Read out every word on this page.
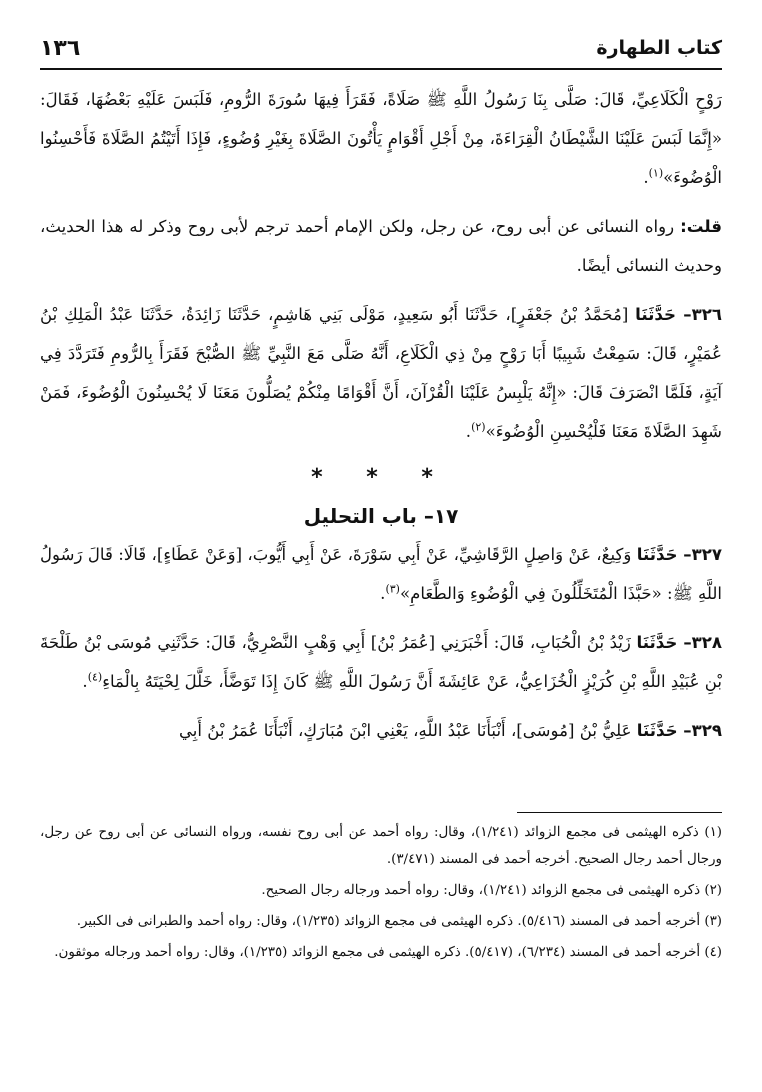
كتاب الطهارة
١٣٦

رَوْحٍ الْكَلَاعِيِّ، قَالَ: صَلَّى بِنَا رَسُولُ اللَّهِ ﷺ صَلَاةً، فَقَرَأَ فِيهَا سُورَةَ الرُّومِ، فَلَبَسَ عَلَيْهِ بَعْضُهَا، فَقَالَ: «إِنَّمَا لَبَسَ عَلَيْنَا الشَّيْطَانُ الْقِرَاءَةَ، مِنْ أَجْلِ أَقْوَامٍ يَأْتُونَ الصَّلَاةَ بِغَيْرِ وُضُوءٍ، فَإِذَا أَتَيْتُمُ الصَّلَاةَ فَأَحْسِنُوا الْوُضُوءَ»$^{(١)}$.

قلت: رواه النسائى عن أبى روح، عن رجل، ولكن الإمام أحمد ترجم لأبى روح وذكر له هذا الحديث، وحديث النسائى أيضًا.

٣٢٦– حَدَّثَنَا [مُحَمَّدُ بْنُ جَعْفَرٍ]، حَدَّثَنَا أَبُو سَعِيدٍ، مَوْلَى بَنِي هَاشِمٍ، حَدَّثَنَا زَائِدَةُ، حَدَّثَنَا عَبْدُ الْمَلِكِ بْنُ عُمَيْرٍ، قَالَ: سَمِعْتُ شَبِيبًا أَبَا رَوْحٍ مِنْ ذِي الْكَلَاعِ، أَنَّهُ صَلَّى مَعَ النَّبِيِّ ﷺ الصُّبْحَ فَقَرَأَ بِالرُّومِ فَتَرَدَّدَ فِي آيَةٍ، فَلَمَّا انْصَرَفَ قَالَ: «إِنَّهُ يَلْبِسُ عَلَيْنَا الْقُرْآنَ، أَنَّ أَقْوَامًا مِنْكُمْ يُصَلُّونَ مَعَنَا لَا يُحْسِنُونَ الْوُضُوءَ، فَمَنْ شَهِدَ الصَّلَاةَ مَعَنَا فَلْيُحْسِنِ الْوُضُوءَ»$^{(٢)}$.

* * *
١٧– باب التحليل

٣٢٧– حَدَّثَنَا وَكِيعٌ، عَنْ وَاصِلٍ الرَّقَاشِيِّ، عَنْ أَبِي سَوْرَةَ، عَنْ أَبِي أَيُّوبَ، [وَعَنْ عَطَاءٍ]، قَالَا: قَالَ رَسُولُ اللَّهِ ﷺ: «حَبَّذَا الْمُتَخَلِّلُونَ فِي الْوُضُوءِ وَالطَّعَامِ»$^{(٣)}$.

٣٢٨– حَدَّثَنَا زَيْدُ بْنُ الْحُبَابِ، قَالَ: أَخْبَرَنِي [عُمَرُ بْنُ] أَبِي وَهْبٍ النَّصْرِيُّ، قَالَ: حَدَّثَنِي مُوسَى بْنُ طَلْحَةَ بْنِ عُبَيْدِ اللَّهِ بْنِ كُرَيْزٍ الْخُزَاعِيُّ، عَنْ عَائِشَةَ أَنَّ رَسُولَ اللَّهِ ﷺ كَانَ إِذَا تَوَضَّأَ، خَلَّلَ لِحْيَتَهُ بِالْمَاءِ$^{(٤)}$.

٣٢٩– حَدَّثَنَا عَلِيُّ بْنُ [مُوسَى]، أَنْبَأَنَا عَبْدُ اللَّهِ، يَعْنِي ابْنَ مُبَارَكٍ، أَنْبَأَنَا عُمَرُ بْنُ أَبِي

(١) ذكره الهيثمى فى مجمع الزوائد (١/٢٤١)، وقال: رواه أحمد عن أبى روح نفسه، ورواه النسائى عن أبى روح عن رجل، ورجال أحمد رجال الصحيح. أخرجه أحمد فى المسند (٣/٤٧١).

(٢) ذكره الهيثمى فى مجمع الزوائد (١/٢٤١)، وقال: رواه أحمد ورجاله رجال الصحيح.

(٣) أخرجه أحمد فى المسند (٥/٤١٦). ذكره الهيثمى فى مجمع الزوائد (١/٢٣٥)، وقال: رواه أحمد والطبرانى فى الكبير.

(٤) أخرجه أحمد فى المسند (٦/٢٣٤)، (٥/٤١٧). ذكره الهيثمى فى مجمع الزوائد (١/٢٣٥)، وقال: رواه أحمد ورجاله موثقون.
